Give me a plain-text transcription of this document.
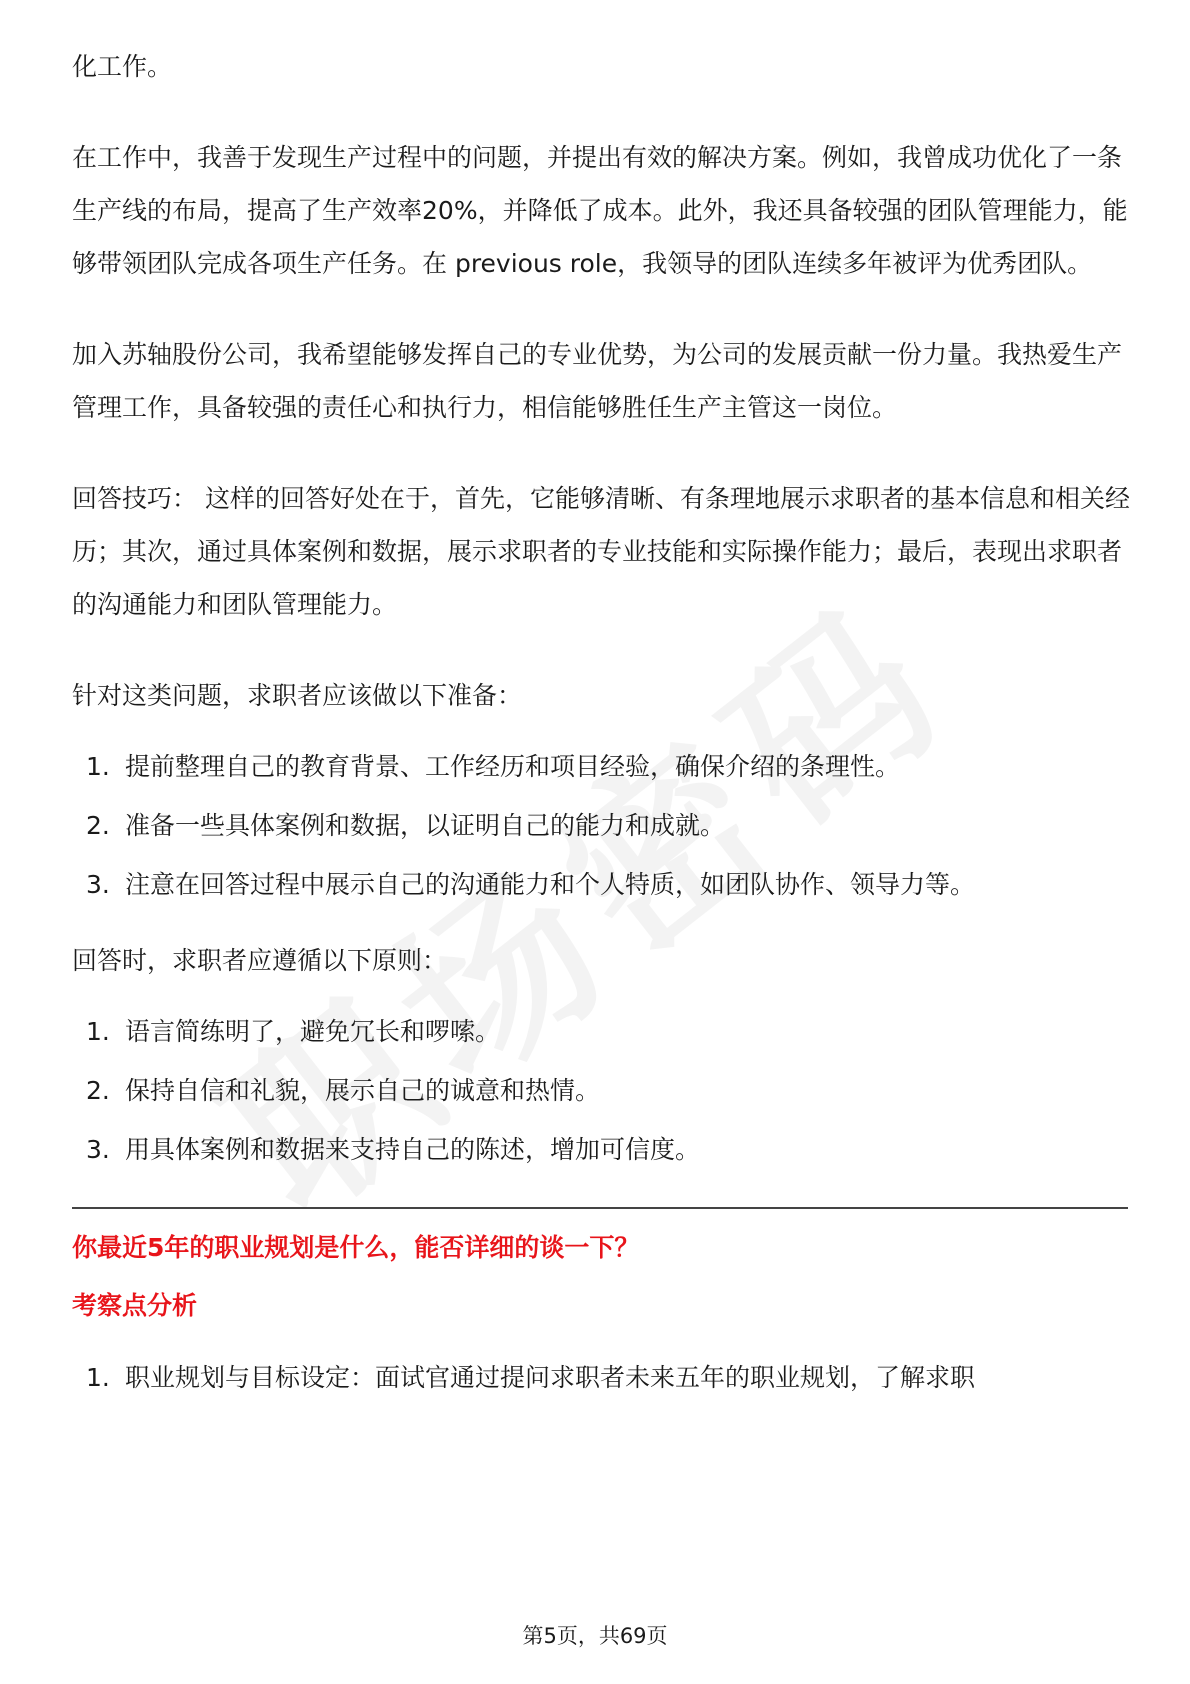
化工作。

在工作中，我善于发现生产过程中的问题，并提出有效的解决方案。例如，我曾成功优化了一条生产线的布局，提高了生产效率20%，并降低了成本。此外，我还具备较强的团队管理能力，能够带领团队完成各项生产任务。在 previous role，我领导的团队连续多年被评为优秀团队。

加入苏轴股份公司，我希望能够发挥自己的专业优势，为公司的发展贡献一份力量。我热爱生产管理工作，具备较强的责任心和执行力，相信能够胜任生产主管这一岗位。

回答技巧： 这样的回答好处在于，首先，它能够清晰、有条理地展示求职者的基本信息和相关经历；其次，通过具体案例和数据，展示求职者的专业技能和实际操作能力；最后，表现出求职者的沟通能力和团队管理能力。

针对这类问题，求职者应该做以下准备：

1. 提前整理自己的教育背景、工作经历和项目经验，确保介绍的条理性。
2. 准备一些具体案例和数据，以证明自己的能力和成就。
3. 注意在回答过程中展示自己的沟通能力和个人特质，如团队协作、领导力等。

回答时，求职者应遵循以下原则：

1. 语言简练明了，避免冗长和啰嗦。
2. 保持自信和礼貌，展示自己的诚意和热情。
3. 用具体案例和数据来支持自己的陈述，增加可信度。

你最近5年的职业规划是什么，能否详细的谈一下？

考察点分析

1. 职业规划与目标设定：面试官通过提问求职者未来五年的职业规划，了解求职
第5页，共69页
